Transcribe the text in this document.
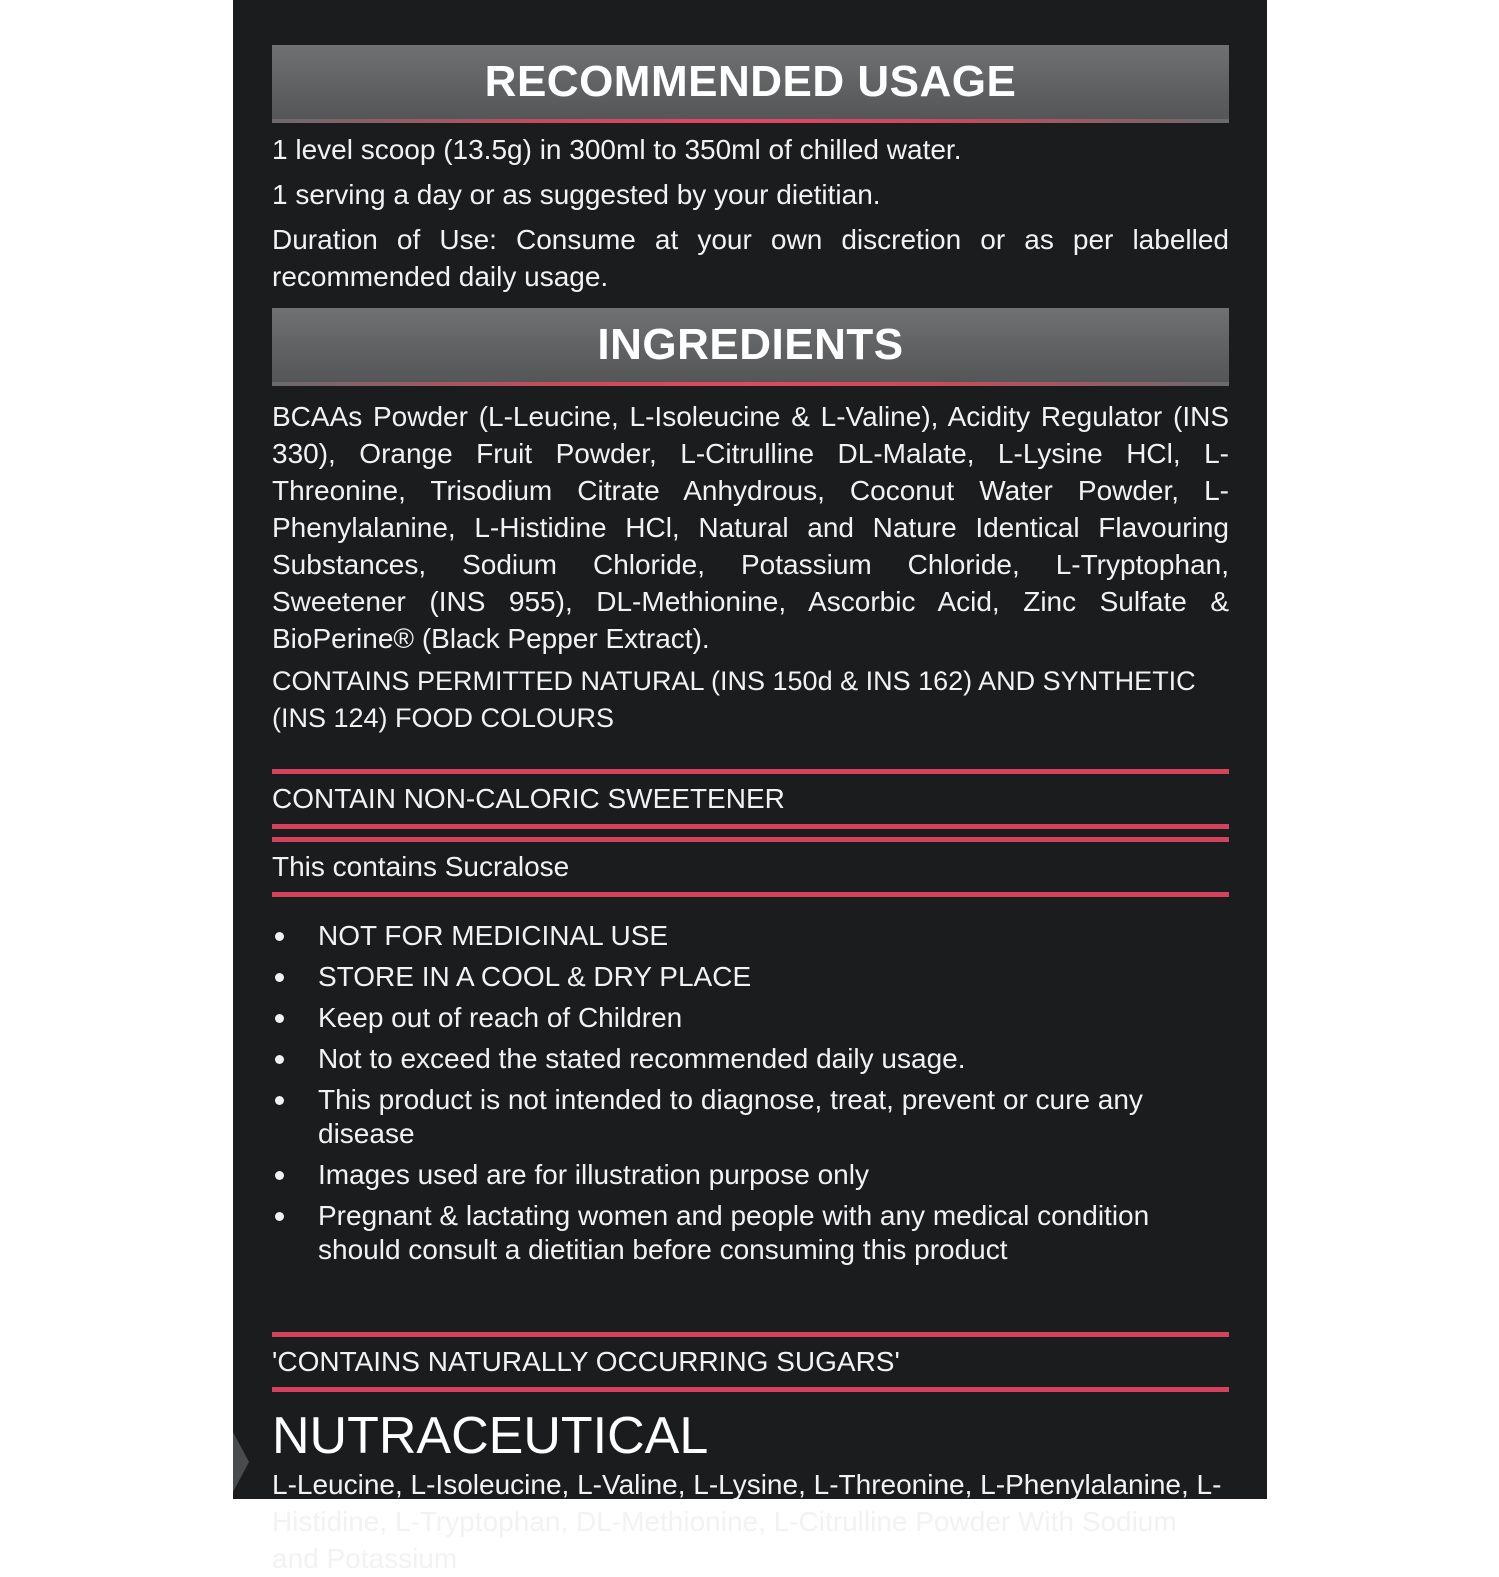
RECOMMENDED USAGE

1 level scoop (13.5g) in 300ml to 350ml of chilled water.

1 serving a day or as suggested by your dietitian.

Duration of Use: Consume at your own discretion or as per labelled recommended daily usage.

INGREDIENTS

BCAAs Powder (L-Leucine, L-Isoleucine & L-Valine), Acidity Regulator (INS 330), Orange Fruit Powder, L-Citrulline DL-Malate, L-Lysine HCl, L-Threonine, Trisodium Citrate Anhydrous, Coconut Water Powder, L-Phenylalanine, L-Histidine HCl, Natural and Nature Identical Flavouring Substances, Sodium Chloride, Potassium Chloride, L-Tryptophan, Sweetener (INS 955), DL-Methionine, Ascorbic Acid, Zinc Sulfate & BioPerine® (Black Pepper Extract).

CONTAINS PERMITTED NATURAL (INS 150d & INS 162) AND SYNTHETIC (INS 124) FOOD COLOURS

CONTAIN NON-CALORIC SWEETENER
This contains Sucralose
NOT FOR MEDICINAL USE
STORE IN A COOL & DRY PLACE
Keep out of reach of Children
Not to exceed the stated recommended daily usage.
This product is not intended to diagnose, treat, prevent or cure any disease
Images used are for illustration purpose only
Pregnant & lactating women and people with any medical condition should consult a dietitian before consuming this product
'CONTAINS NATURALLY OCCURRING SUGARS'
NUTRACEUTICAL

L-Leucine, L-Isoleucine, L-Valine, L-Lysine, L-Threonine, L-Phenylalanine, L-Histidine, L-Tryptophan, DL-Methionine, L-Citrulline Powder With Sodium and Potassium
